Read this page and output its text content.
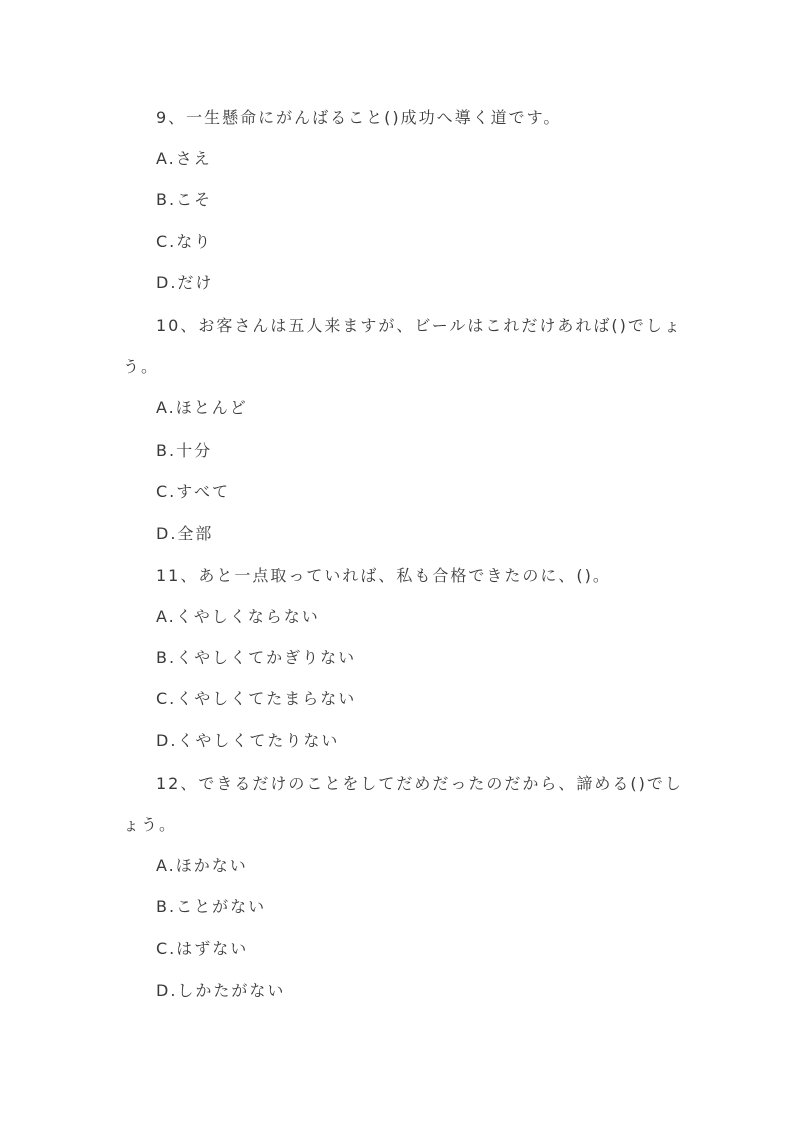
9、一生懸命にがんばること()成功へ導く道です。
A.さえ
B.こそ
C.なり
D.だけ
10、お客さんは五人来ますが、ビールはこれだけあれば()でしょ
う。
A.ほとんど
B.十分
C.すべて
D.全部
11、あと一点取っていれば、私も合格できたのに、()。
A.くやしくならない
B.くやしくてかぎりない
C.くやしくてたまらない
D.くやしくてたりない
12、できるだけのことをしてだめだったのだから、諦める()でし
ょう。
A.ほかない
B.ことがない
C.はずない
D.しかたがない
